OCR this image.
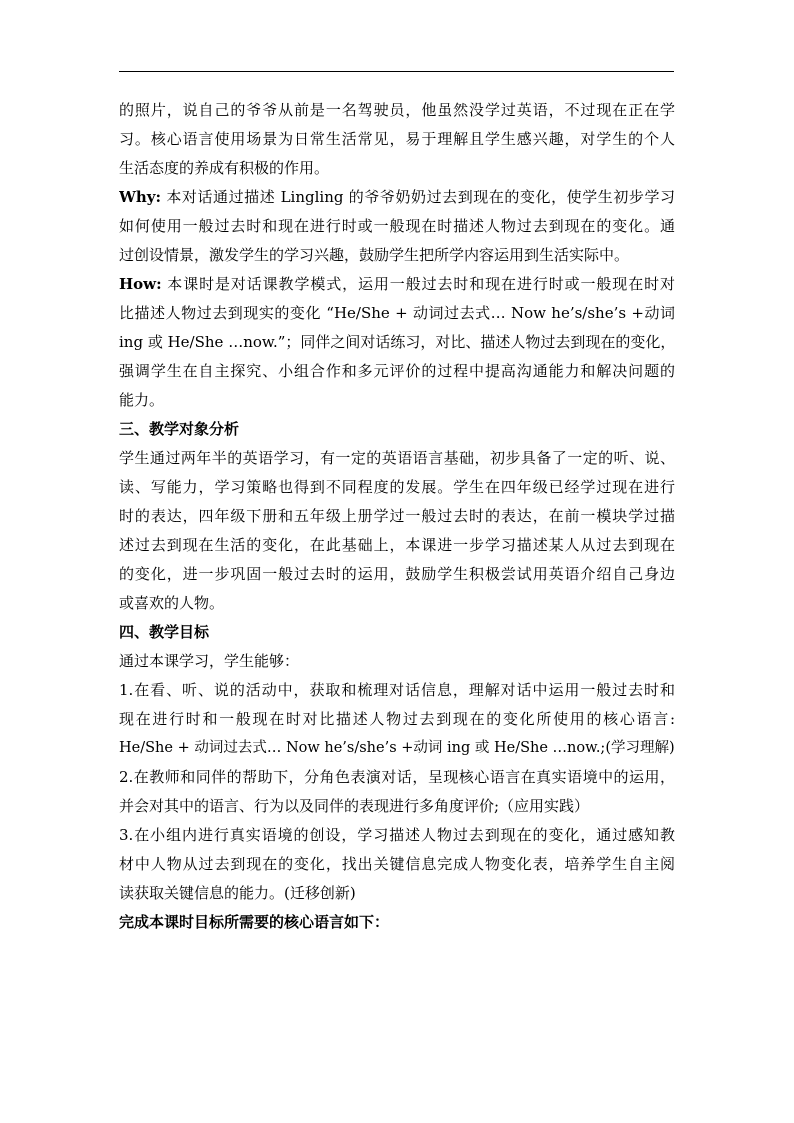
的照片，说自己的爷爷从前是一名驾驶员，他虽然没学过英语，不过现在正在学
习。核心语言使用场景为日常生活常见，易于理解且学生感兴趣，对学生的个人
生活态度的养成有积极的作用。
Why: 本对话通过描述 Lingling 的爷爷奶奶过去到现在的变化，使学生初步学习
如何使用一般过去时和现在进行时或一般现在时描述人物过去到现在的变化。通
过创设情景，激发学生的学习兴趣，鼓励学生把所学内容运用到生活实际中。
How: 本课时是对话课教学模式，运用一般过去时和现在进行时或一般现在时对
比描述人物过去到现实的变化 “He/She + 动词过去式… Now he’s/she’s +动词
ing 或 He/She …now.”；同伴之间对话练习，对比、描述人物过去到现在的变化，
强调学生在自主探究、小组合作和多元评价的过程中提高沟通能力和解决问题的
能力。
三、教学对象分析
学生通过两年半的英语学习，有一定的英语语言基础，初步具备了一定的听、说、
读、写能力，学习策略也得到不同程度的发展。学生在四年级已经学过现在进行
时的表达，四年级下册和五年级上册学过一般过去时的表达，在前一模块学过描
述过去到现在生活的变化，在此基础上，本课进一步学习描述某人从过去到现在
的变化，进一步巩固一般过去时的运用，鼓励学生积极尝试用英语介绍自己身边
或喜欢的人物。
四、教学目标
通过本课学习，学生能够：
1.在看、听、说的活动中，获取和梳理对话信息，理解对话中运用一般过去时和
现在进行时和一般现在时对比描述人物过去到现在的变化所使用的核心语言:
He/She + 动词过去式… Now he’s/she’s +动词 ing 或 He/She …now.;(学习理解)
2.在教师和同伴的帮助下，分角色表演对话，呈现核心语言在真实语境中的运用，
并会对其中的语言、行为以及同伴的表现进行多角度评价;（应用实践）
3.在小组内进行真实语境的创设，学习描述人物过去到现在的变化，通过感知教
材中人物从过去到现在的变化，找出关键信息完成人物变化表，培养学生自主阅
读获取关键信息的能力。(迁移创新)
完成本课时目标所需要的核心语言如下：
